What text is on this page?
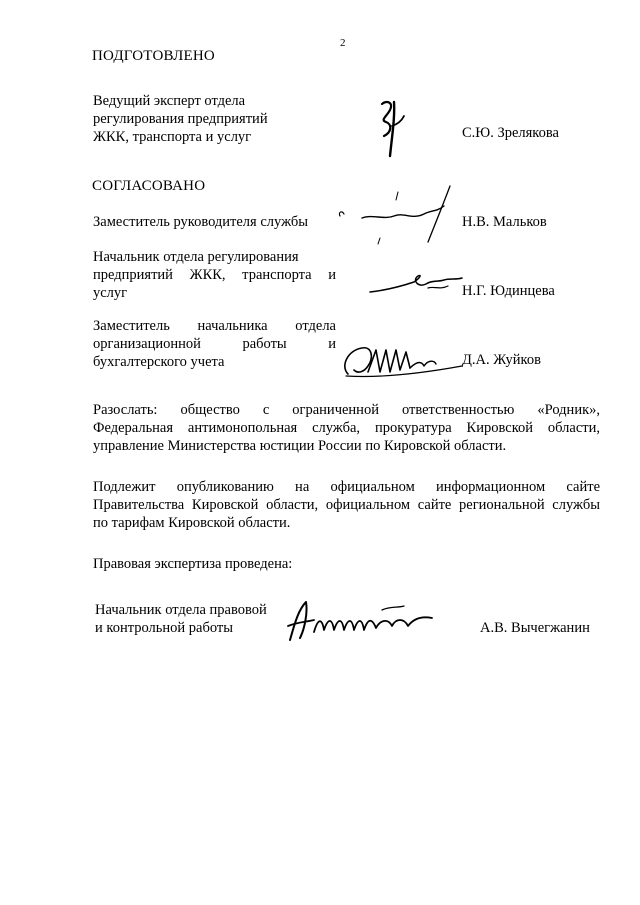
2
ПОДГОТОВЛЕНО
Ведущий эксперт отдела
регулирования предприятий
ЖКК, транспорта и услуг	С.Ю. Зрелякова
СОГЛАСОВАНО
Заместитель руководителя службы	Н.В. Мальков
Начальник отдела регулирования
предприятий ЖКК, транспорта и
услуг	Н.Г. Юдинцева
Заместитель начальника отдела
организационной работы и
бухгалтерского учета	Д.А. Жуйков
Разослать: общество с ограниченной ответственностью «Родник»,
Федеральная антимонопольная служба, прокуратура Кировской области,
управление Министерства юстиции России по Кировской области.
Подлежит опубликованию на официальном информационном сайте
Правительства Кировской области, официальном сайте региональной службы
по тарифам Кировской области.
Правовая экспертиза проведена:
Начальник отдела правовой
и контрольной работы	А.В. Вычегжанин
